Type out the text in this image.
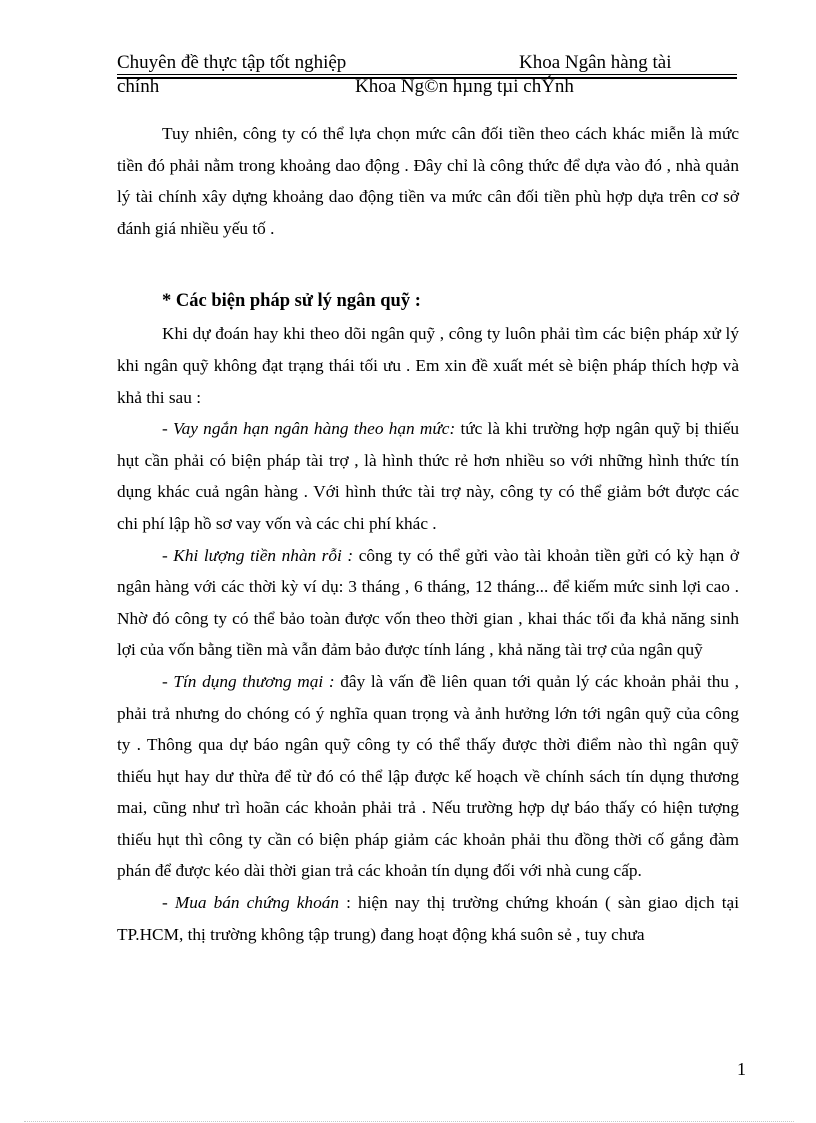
Chuyên đề thực tập tốt nghiệp	Khoa Ngân hàng tài
chính	Khoa Ng©n hµng tµi chÝnh

Tuy nhiên, công ty có thể lựa chọn mức cân đối tiền theo cách khác miễn là mức tiền đó phải nằm trong khoảng dao động . Đây chỉ là công thức để dựa vào đó , nhà quản lý tài chính xây dựng khoảng dao động tiền va mức cân đối tiền phù hợp dựa trên cơ sở đánh giá nhiều yếu tố .

* Các biện pháp sử lý ngân quỹ :

Khi dự đoán hay khi theo dõi ngân quỹ , công ty luôn phải tìm các biện pháp xử lý khi ngân quỹ không đạt trạng thái tối ưu . Em xin đề xuất mét sè biện pháp thích hợp và khả thi sau :

- Vay ngắn hạn ngân hàng theo hạn mức: tức là khi trường hợp ngân quỹ bị thiếu hụt cần phải có biện pháp tài trợ , là hình thức rẻ hơn nhiều so với những hình thức tín dụng khác cuả ngân hàng . Với hình thức tài trợ này, công ty có thể giảm bớt được các chi phí lập hồ sơ vay vốn và các chi phí khác .

- Khi lượng tiền nhàn rỗi : công ty có thể gửi vào tài khoản tiền gửi có kỳ hạn ở ngân hàng với các thời kỳ ví dụ: 3 tháng , 6 tháng, 12 tháng... để kiếm mức sinh lợi cao . Nhờ đó công ty có thể bảo toàn được vốn theo thời gian , khai thác tối đa khả năng sinh lợi của vốn bằng tiền mà vẫn đảm bảo được tính láng , khả năng tài trợ của ngân quỹ

- Tín dụng thương mại : đây là vấn đề liên quan tới quản lý các khoản phải thu , phải trả nhưng do chóng có ý nghĩa quan trọng và ảnh hưởng lớn tới ngân quỹ của công ty . Thông qua dự báo ngân quỹ công ty có thể thấy được thời điểm nào thì ngân quỹ thiếu hụt hay dư thừa để từ đó có thể lập được kế hoạch về chính sách tín dụng thương mai, cũng như trì hoãn các khoản phải trả . Nếu trường hợp dự báo thấy có hiện tượng thiếu hụt thì công ty cần có biện pháp giảm các khoản phải thu đồng thời cố gắng đàm phán để được kéo dài thời gian trả các khoản tín dụng đối với nhà cung cấp.

- Mua bán chứng khoán : hiện nay thị trường chứng khoán ( sàn giao dịch tại TP.HCM, thị trường không tập trung) đang hoạt động khá suôn sẻ , tuy chưa

1
